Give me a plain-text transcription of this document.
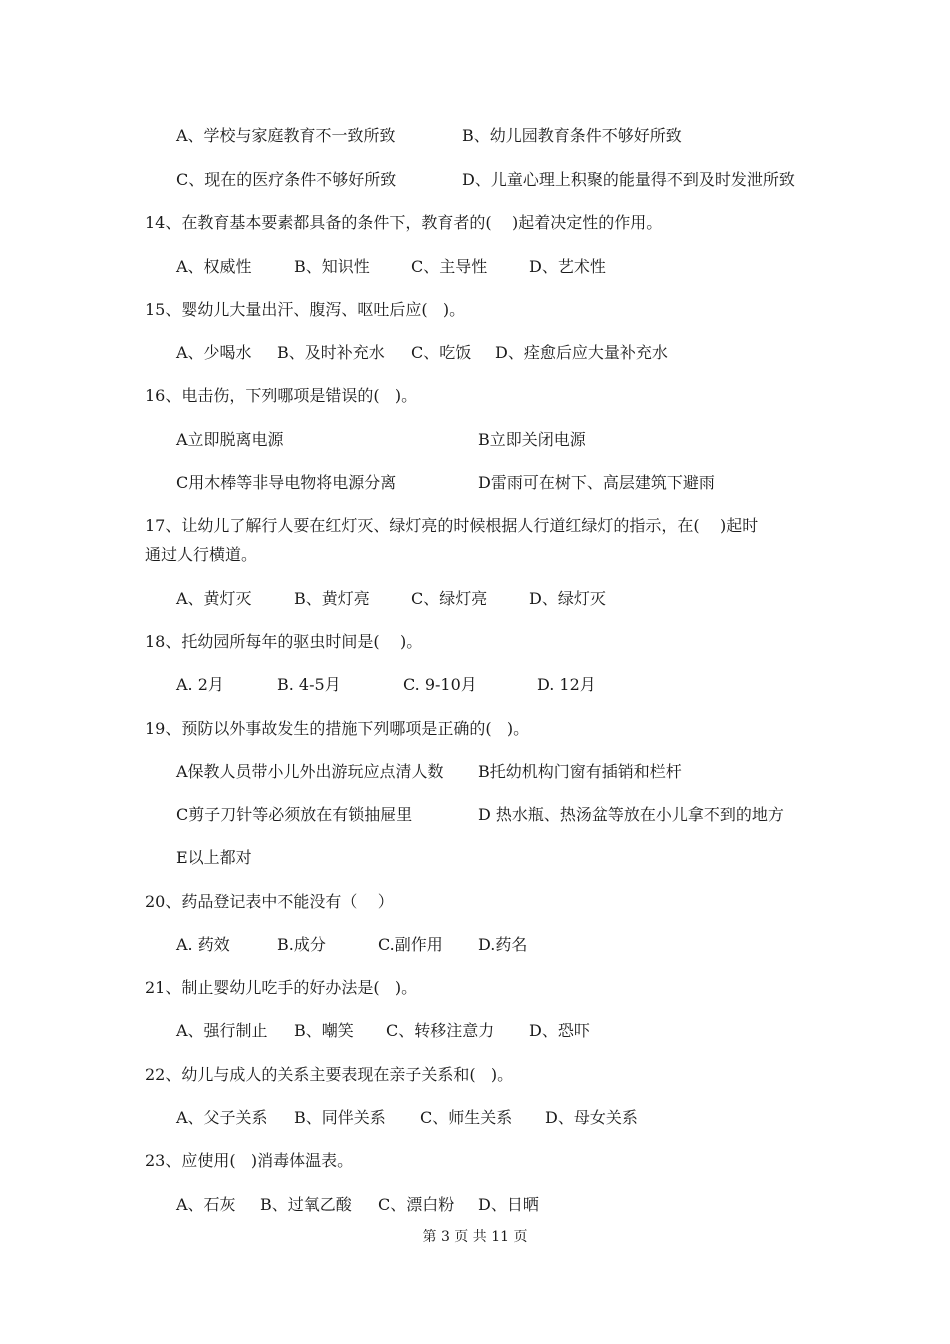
A、学校与家庭教育不一致所致	B、幼儿园教育条件不够好所致
C、现在的医疗条件不够好所致	D、儿童心理上积聚的能量得不到及时发泄所致
14、在教育基本要素都具备的条件下，教育者的(    )起着决定性的作用。
A、权威性	B、知识性	C、主导性	D、艺术性
15、婴幼儿大量出汗、腹泻、呕吐后应(   )。
A、少喝水 B、及时补充水 C、吃饭 D、痊愈后应大量补充水
16、电击伤，下列哪项是错误的(   )。
A立即脱离电源	B立即关闭电源
C用木棒等非导电物将电源分离	D雷雨可在树下、高层建筑下避雨
17、让幼儿了解行人要在红灯灭、绿灯亮的时候根据人行道红绿灯的指示，在(    )起时
通过人行横道。
A、黄灯灭	B、黄灯亮	C、绿灯亮	D、绿灯灭
18、托幼园所每年的驱虫时间是(    )。
A. 2月	B. 4-5月	C. 9-10月	D. 12月
19、预防以外事故发生的措施下列哪项是正确的(   )。
A保教人员带小儿外出游玩应点清人数 B托幼机构门窗有插销和栏杆
C剪子刀针等必须放在有锁抽屉里	D 热水瓶、热汤盆等放在小儿拿不到的地方
E以上都对
20、药品登记表中不能没有（    ）
A. 药效	B.成分	C.副作用 D.药名
21、制止婴幼儿吃手的好办法是(   )。
A、强行制止 B、嘲笑 C、转移注意力 D、恐吓
22、幼儿与成人的关系主要表现在亲子关系和(   )。
A、父子关系 B、同伴关系 C、师生关系 D、母女关系
23、应使用(   )消毒体温表。
A、石灰 B、过氧乙酸 C、漂白粉 D、日晒
第 3 页 共 11 页
